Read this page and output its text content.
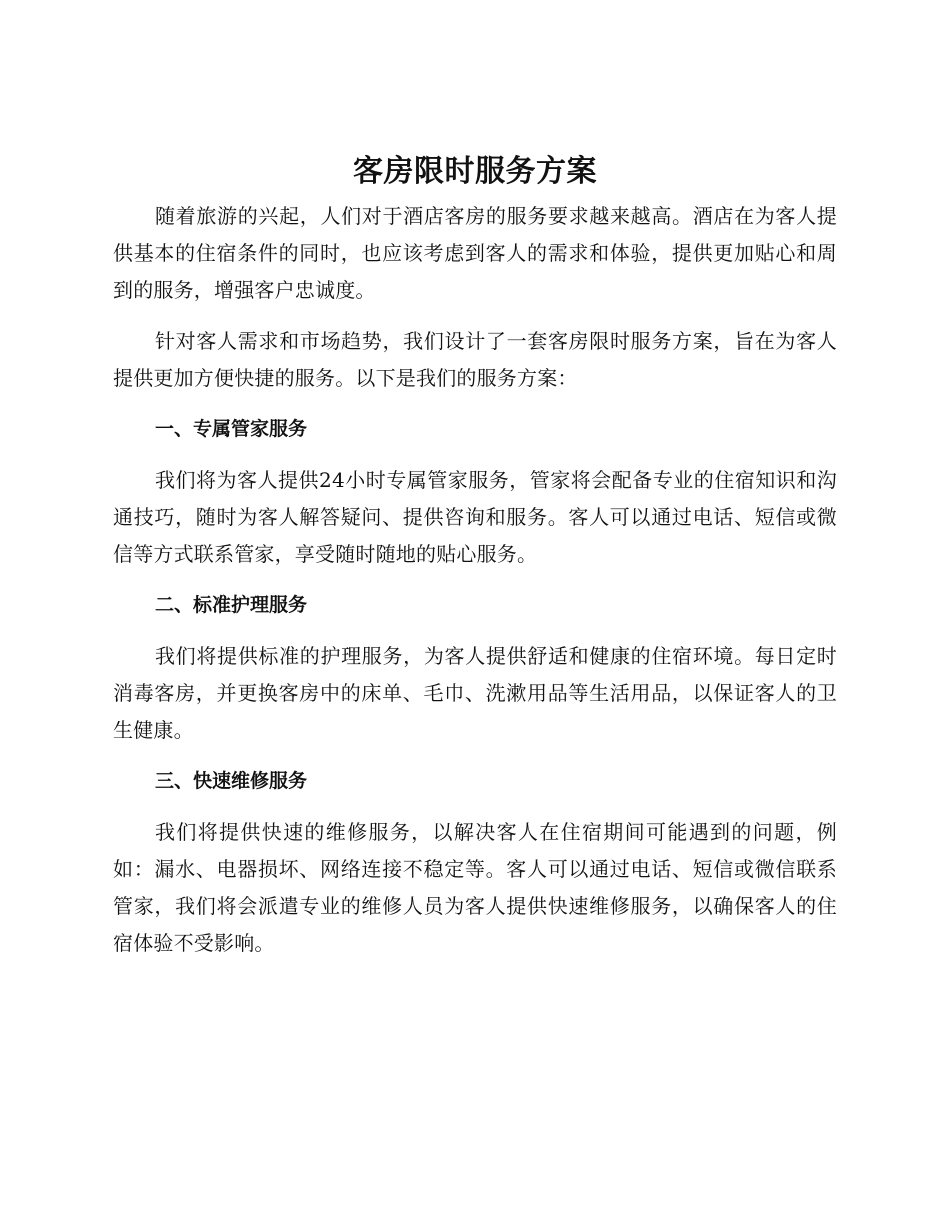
客房限时服务方案

随着旅游的兴起，人们对于酒店客房的服务要求越来越高。酒店在为客人提供基本的住宿条件的同时，也应该考虑到客人的需求和体验，提供更加贴心和周到的服务，增强客户忠诚度。

针对客人需求和市场趋势，我们设计了一套客房限时服务方案，旨在为客人提供更加方便快捷的服务。以下是我们的服务方案：

一、专属管家服务

我们将为客人提供24小时专属管家服务，管家将会配备专业的住宿知识和沟通技巧，随时为客人解答疑问、提供咨询和服务。客人可以通过电话、短信或微信等方式联系管家，享受随时随地的贴心服务。

二、标准护理服务

我们将提供标准的护理服务，为客人提供舒适和健康的住宿环境。每日定时消毒客房，并更换客房中的床单、毛巾、洗漱用品等生活用品，以保证客人的卫生健康。

三、快速维修服务

我们将提供快速的维修服务，以解决客人在住宿期间可能遇到的问题，例如：漏水、电器损坏、网络连接不稳定等。客人可以通过电话、短信或微信联系管家，我们将会派遣专业的维修人员为客人提供快速维修服务，以确保客人的住宿体验不受影响。
